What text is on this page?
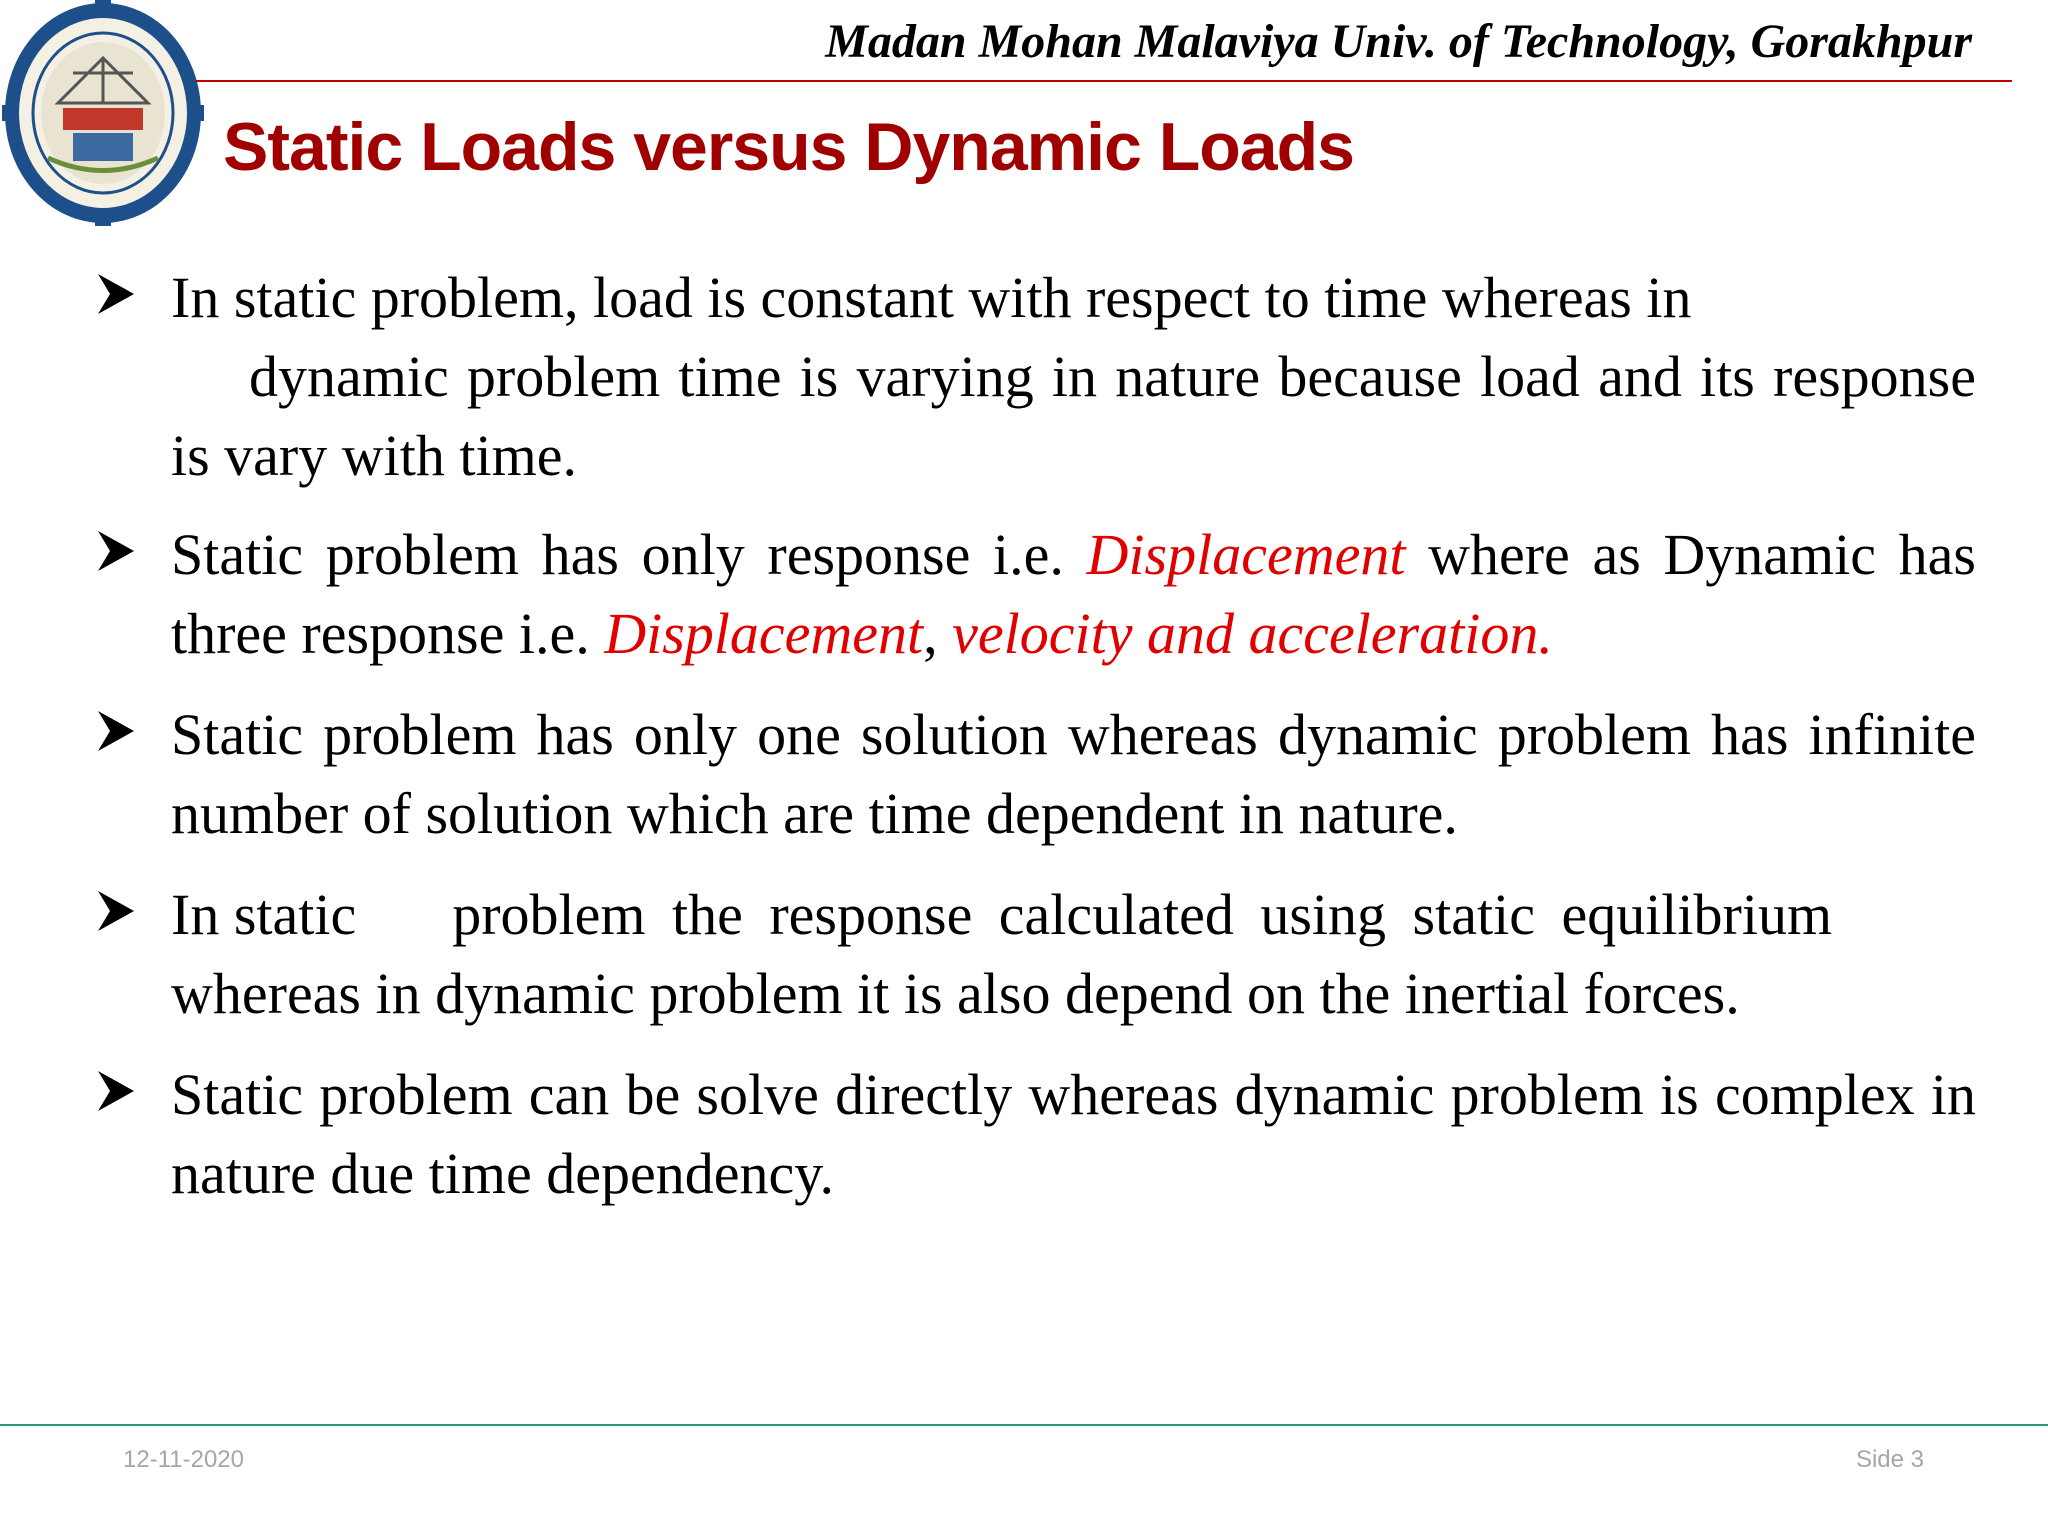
Madan Mohan Malaviya Univ. of Technology, Gorakhpur
Static Loads versus Dynamic Loads
In static problem, load is constant with respect to time whereas in
dynamic problem time is varying in nature because load and its response is vary with time.
Static problem has only response i.e. Displacement where as Dynamic has three response i.e. Displacement, velocity and acceleration.
Static problem has only one solution whereas dynamic problem has infinite number of solution which are time dependent in nature.
In static problem the response calculated using static equilibrium
whereas in dynamic problem it is also depend on the inertial forces.
Static problem can be solve directly whereas dynamic problem is complex in nature due time dependency.
12-11-2020	Side 3
